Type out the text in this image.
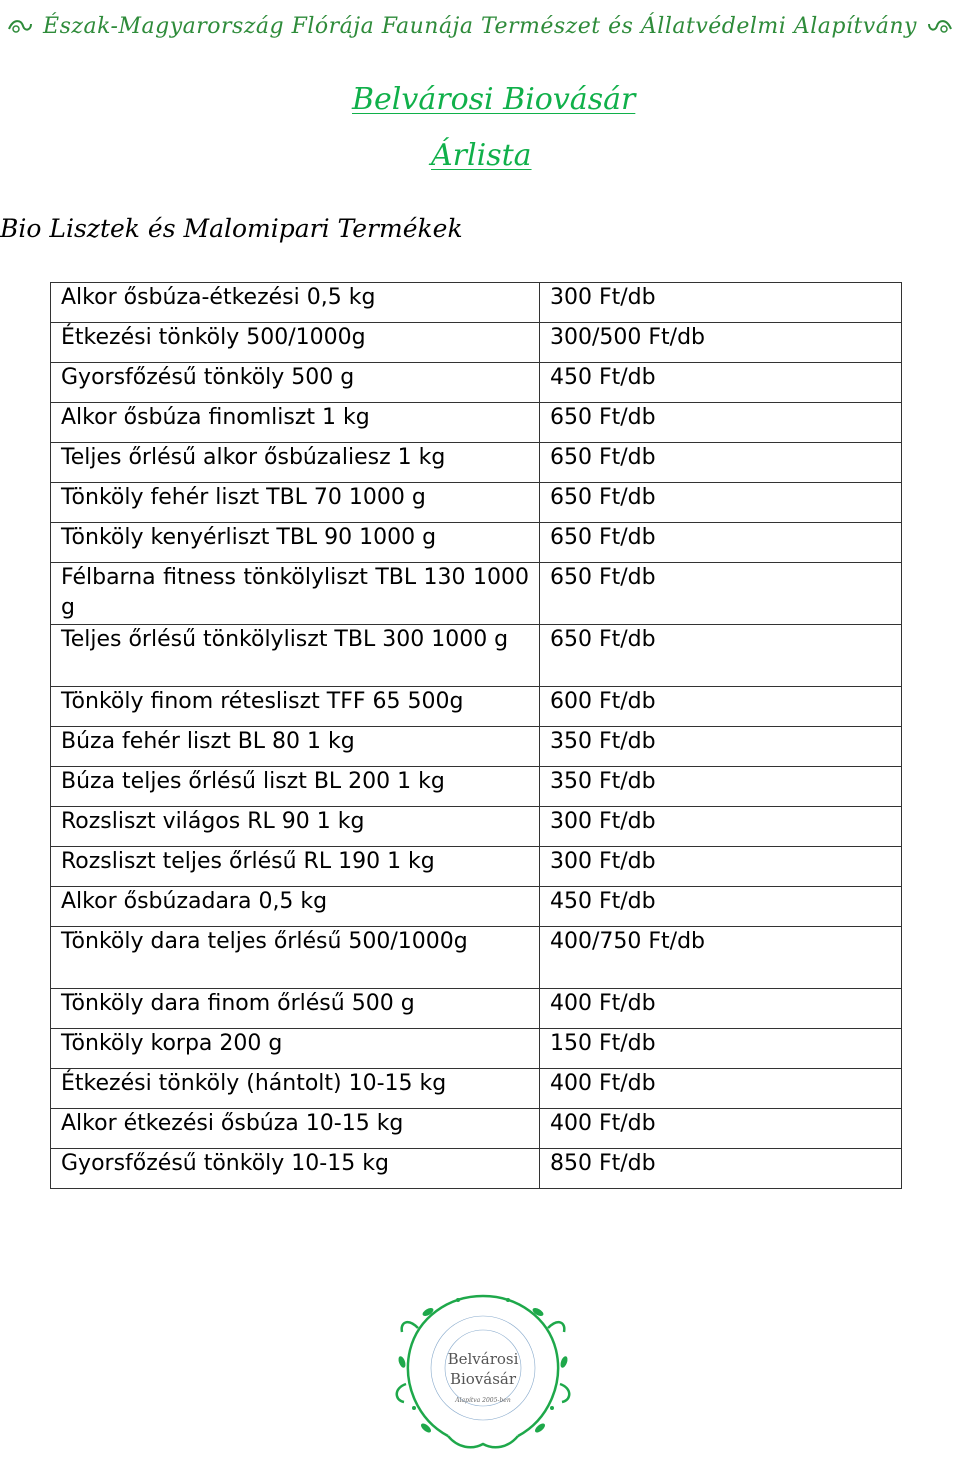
Észak-Magyarország Flórája Faunája Természet és Állatvédelmi Alapítvány
Belvárosi Biovásár
Árlista
Bio Lisztek és Malomipari Termékek
Alkor ősbúza-étkezési 0,5 kg	300 Ft/db
Étkezési tönköly 500/1000g	300/500 Ft/db
Gyorsfőzésű tönköly 500 g	450 Ft/db
Alkor ősbúza finomliszt 1 kg	650 Ft/db
Teljes őrlésű alkor ősbúzaliesz 1 kg	650 Ft/db
Tönköly fehér liszt TBL 70 1000 g	650 Ft/db
Tönköly kenyérliszt TBL 90 1000 g	650 Ft/db
Félbarna fitness tönkölyliszt TBL 130 1000 g	650 Ft/db
Teljes őrlésű tönkölyliszt TBL 300 1000 g	650 Ft/db
Tönköly finom rétesliszt TFF 65 500g	600 Ft/db
Búza fehér liszt BL 80 1 kg	350 Ft/db
Búza teljes őrlésű liszt BL 200 1 kg	350 Ft/db
Rozsliszt világos RL 90 1 kg	300 Ft/db
Rozsliszt teljes őrlésű RL 190 1 kg	300 Ft/db
Alkor ősbúzadara 0,5 kg	450 Ft/db
Tönköly dara teljes őrlésű 500/1000g	400/750 Ft/db
Tönköly dara finom őrlésű 500 g	400 Ft/db
Tönköly korpa 200 g	150 Ft/db
Étkezési tönköly (hántolt) 10-15 kg	400 Ft/db
Alkor étkezési ősbúza 10-15 kg	400 Ft/db
Gyorsfőzésű tönköly 10-15 kg	850 Ft/db
Belvárosi
Biovásár
Alapítva 2005-ben
